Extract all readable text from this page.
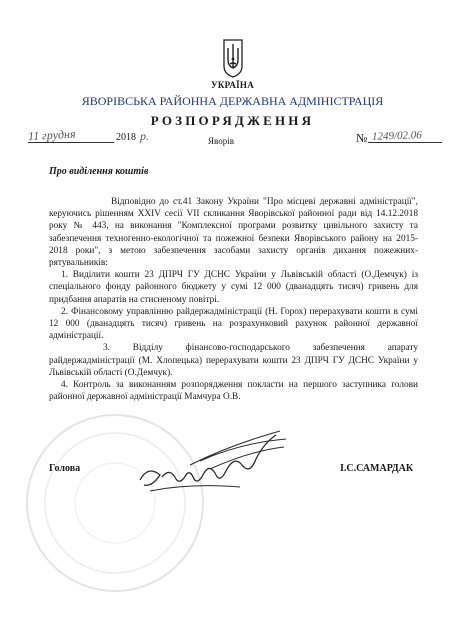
УКРАЇНА
ЯВОРІВСЬКА РАЙОННА ДЕРЖАВНА АДМІНІСТРАЦІЯ
РОЗПОРЯДЖЕННЯ
11 грудня	2018 р.	Яворів	№ 1249/02.06
Про виділення коштів

Відповідно до ст.41 Закону України "Про місцеві державні адміністрації", керуючись рішенням XXIV сесії VII скликання Яворівської районної ради від 14.12.2018 року № 443, на виконання "Комплексної програми розвитку цивільного захисту та забезпечення техногенно-екологічної та пожежної безпеки Яворівського району на 2015-2018 роки", з метою забезпечення засобами захисту органів дихання пожежних-рятувальників:

1. Виділити кошти 23 ДПРЧ ГУ ДСНС України у Львівській області (О.Демчук) із спеціального фонду районного бюджету у сумі 12 000 (дванадцять тисяч) гривень для придбання апаратів на стисненому повітрі.

2. Фінансовому управлінню райдержадміністрації (Н. Горох) перерахувати кошти в сумі 12 000 (дванадцять тисяч) гривень на розрахунковий рахунок районної державної адміністрації.

3. Відділу фінансово-господарського забезпечення апарату райдержадміністрації (М. Хлопецька) перерахувати кошти 23 ДПРЧ ГУ ДСНС України у Львівській області (О.Демчук).

4. Контроль за виконанням розпорядження покласти на першого заступника голови районної державної адміністрації Мамчура О.В.

Голова	І.С.САМАРДАК
